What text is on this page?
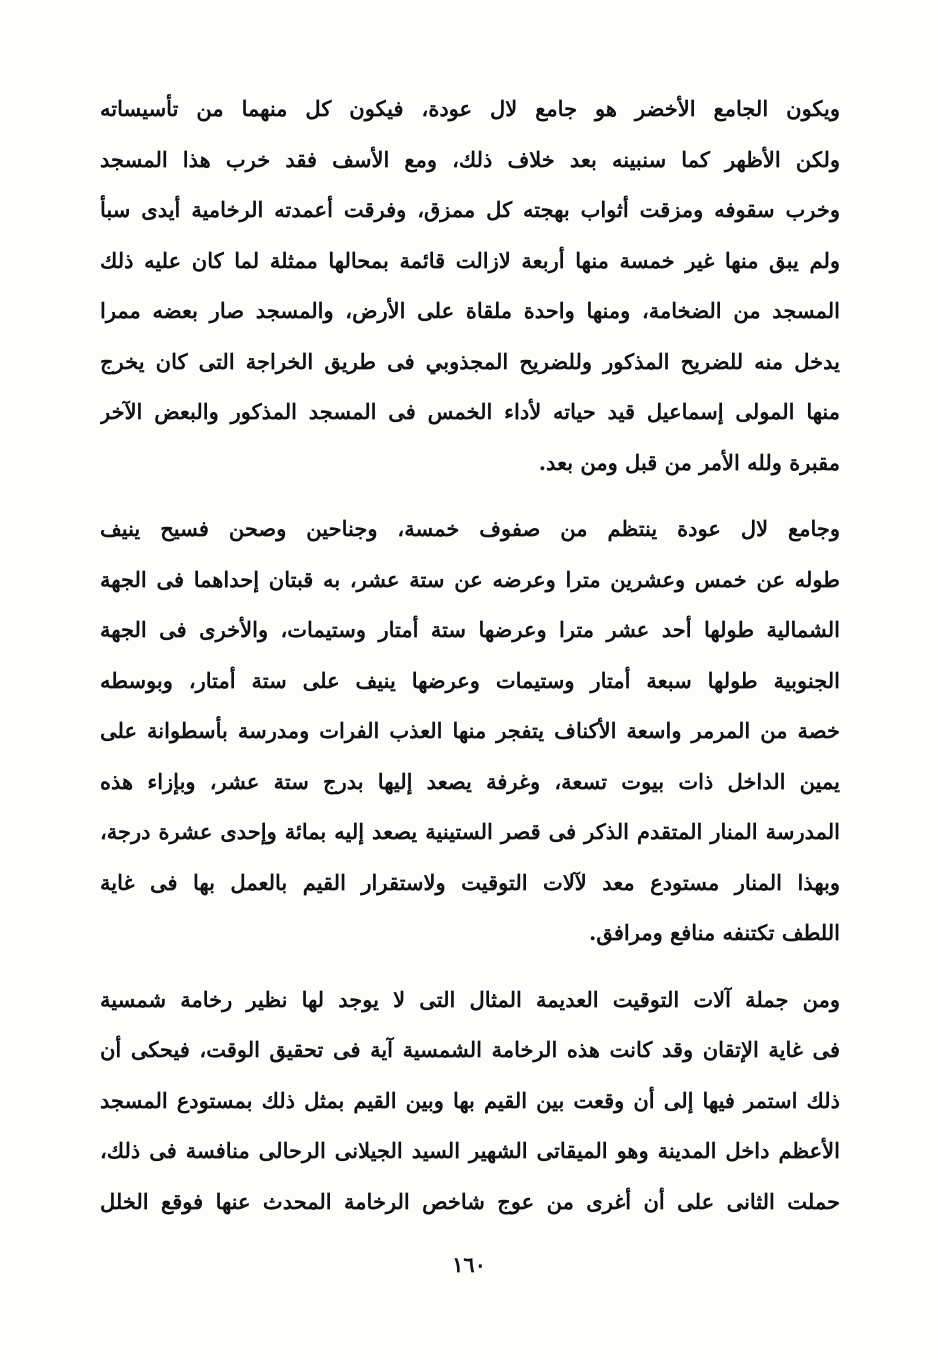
ويكون الجامع الأخضر هو جامع لال عودة، فيكون كل منهما من تأسيساته
ولكن الأظهر كما سنبينه بعد خلاف ذلك، ومع الأسف فقد خرب هذا المسجد
وخرب سقوفه ومزقت أثواب بهجته كل ممزق، وفرقت أعمدته الرخامية أيدى سبأ
ولم يبق منها غير خمسة منها أربعة لازالت قائمة بمحالها ممثلة لما كان عليه ذلك
المسجد من الضخامة، ومنها واحدة ملقاة على الأرض، والمسجد صار بعضه ممرا
يدخل منه للضريح المذكور وللضريح المجذوبي فى طريق الخراجة التى كان يخرج
منها المولى إسماعيل قيد حياته لأداء الخمس فى المسجد المذكور والبعض الآخر
مقبرة ولله الأمر من قبل ومن بعد.
وجامع لال عودة ينتظم من صفوف خمسة، وجناحين وصحن فسيح ينيف
طوله عن خمس وعشرين مترا وعرضه عن ستة عشر، به قبتان إحداهما فى الجهة
الشمالية طولها أحد عشر مترا وعرضها ستة أمتار وستيمات، والأخرى فى الجهة
الجنوبية طولها سبعة أمتار وستيمات وعرضها ينيف على ستة أمتار، وبوسطه
خصة من المرمر واسعة الأكناف يتفجر منها العذب الفرات ومدرسة بأسطوانة على
يمين الداخل ذات بيوت تسعة، وغرفة يصعد إليها بدرج ستة عشر، وبإزاء هذه
المدرسة المنار المتقدم الذكر فى قصر الستينية يصعد إليه بمائة وإحدى عشرة درجة،
وبهذا المنار مستودع معد لآلات التوقيت ولاستقرار القيم بالعمل بها فى غاية
اللطف تكتنفه منافع ومرافق.
ومن جملة آلات التوقيت العديمة المثال التى لا يوجد لها نظير رخامة شمسية
فى غاية الإتقان وقد كانت هذه الرخامة الشمسية آية فى تحقيق الوقت، فيحكى أن
ذلك استمر فيها إلى أن وقعت بين القيم بها وبين القيم بمثل ذلك بمستودع المسجد
الأعظم داخل المدينة وهو الميقاتى الشهير السيد الجيلانى الرحالى منافسة فى ذلك،
حملت الثانى على أن أغرى من عوج شاخص الرخامة المحدث عنها فوقع الخلل
١٦٠
